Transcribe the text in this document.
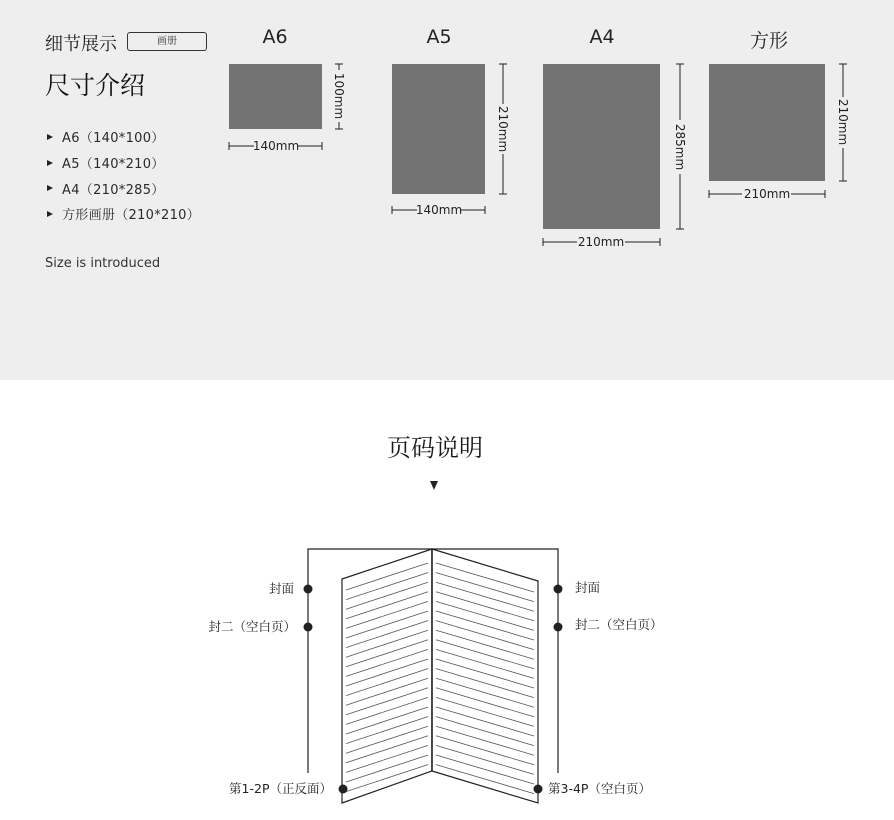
细节展示	画册
尺寸介绍
A6（140*100）
A5（140*210）
A4（210*285）
方形画册（210*210）
Size is introduced
A6	A5	A4	方形
140mm
100mm
140mm
210mm
210mm
285mm
210mm
210mm
页码说明
封面
封二（空白页）
封面
封二（空白页）
第1-2P（正反面）	第3-4P（空白页）
